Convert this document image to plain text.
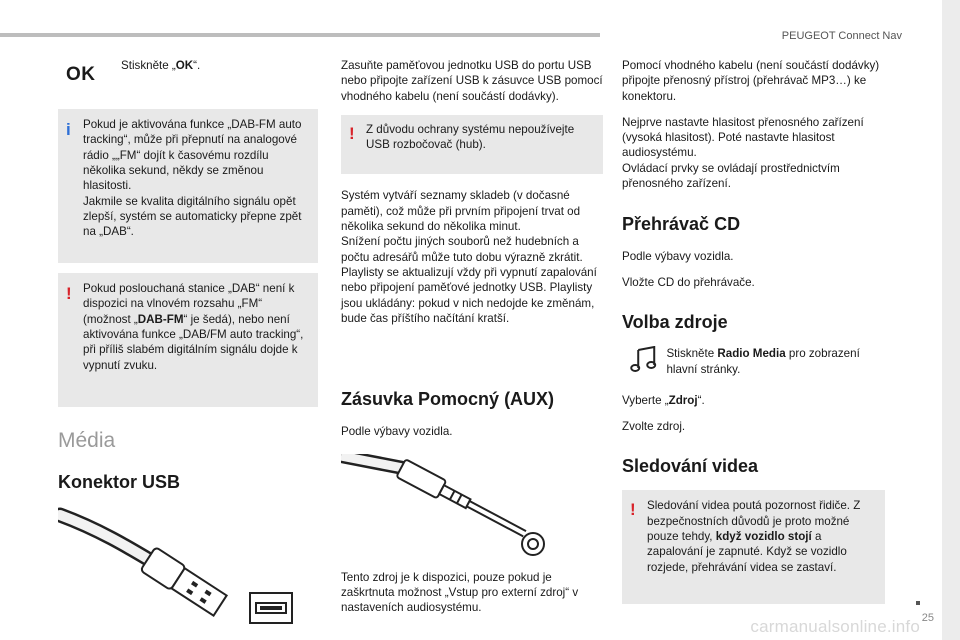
PEUGEOT Connect Nav
OK	Stiskněte „OK“.
i Pokud je aktivována funkce „DAB-FM auto tracking“, může při přepnutí na analogové rádio „„FM“ dojít k časovému rozdílu několika sekund, někdy se změnou hlasitosti.
Jakmile se kvalita digitálního signálu opět zlepší, systém se automaticky přepne zpět na „DAB“.
! Pokud poslouchaná stanice „DAB“ není k dispozici na vlnovém rozsahu „FM“ (možnost „DAB-FM“ je šedá), nebo není aktivována funkce „DAB/FM auto tracking“, při příliš slabém digitálním signálu dojde k vypnutí zvuku.
Média
Konektor USB

Zasuňte paměťovou jednotku USB do portu USB nebo připojte zařízení USB k zásuvce USB pomocí vhodného kabelu (není součástí dodávky).

! Z důvodu ochrany systému nepoužívejte USB rozbočovač (hub).
Systém vytváří seznamy skladeb (v dočasné paměti), což může při prvním připojení trvat od několika sekund do několika minut.
Snížení počtu jiných souborů než hudebních a počtu adresářů může tuto dobu výrazně zkrátit.
Playlisty se aktualizují vždy při vypnutí zapalování nebo připojení paměťové jednotky USB. Playlisty jsou ukládány: pokud v nich nedojde ke změnám, bude čas příštího načítání kratší.
Zásuvka Pomocný (AUX)

Podle výbavy vozidla.

Tento zdroj je k dispozici, pouze pokud je zaškrtnuta možnost „Vstup pro externí zdroj“ v nastaveních audiosystému.

Pomocí vhodného kabelu (není součástí dodávky) připojte přenosný přístroj (přehrávač MP3…) ke konektoru.

Nejprve nastavte hlasitost přenosného zařízení (vysoká hlasitost). Poté nastavte hlasitost audiosystému.
Ovládací prvky se ovládají prostřednictvím přenosného zařízení.
Přehrávač CD

Podle výbavy vozidla.

Vložte CD do přehrávače.

Volba zdroje
Stiskněte Radio Media pro zobrazení hlavní stránky.

Vyberte „Zdroj“.

Zvolte zdroj.

Sledování videa
! Sledování videa poutá pozornost řidiče. Z bezpečnostních důvodů je proto možné pouze tehdy, když vozidlo stojí a zapalování je zapnuté. Když se vozidlo rozjede, přehrávání videa se zastaví.
25
carmanualsonline.info
